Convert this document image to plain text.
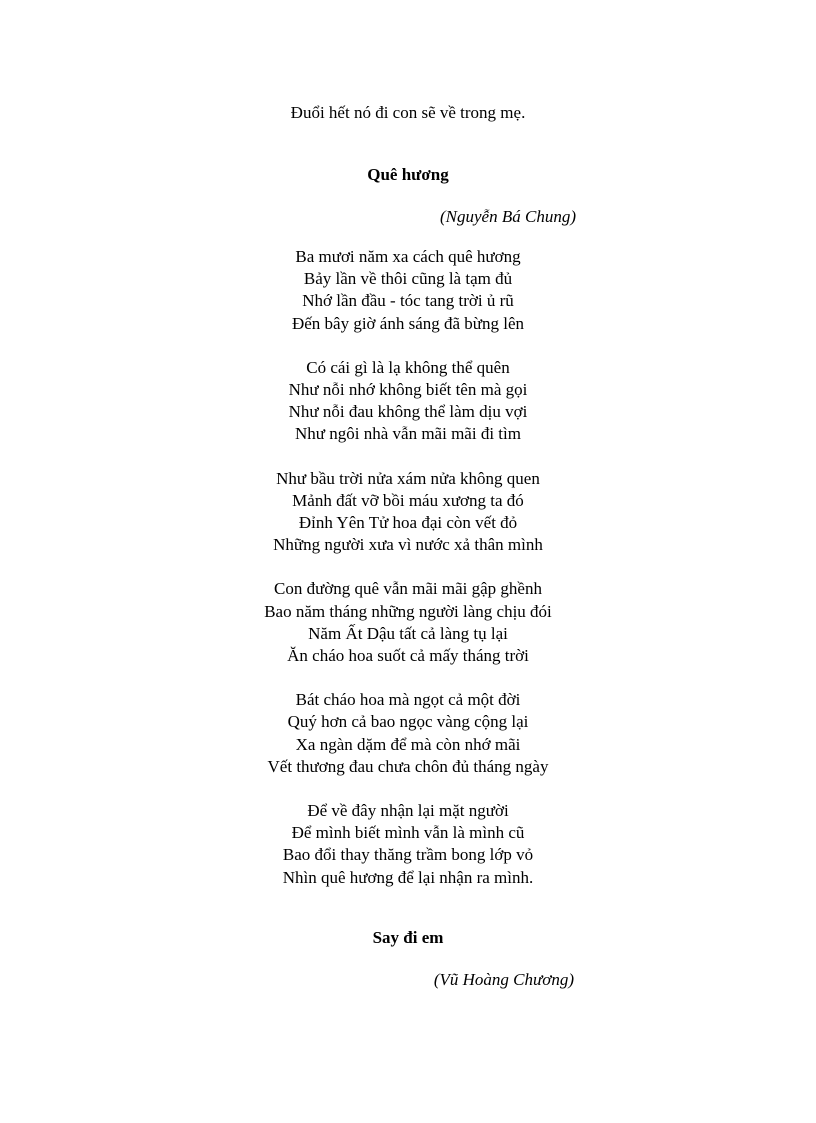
Đuổi hết nó đi con sẽ về trong mẹ.
Quê hương
(Nguyễn Bá Chung)
Ba mươi năm xa cách quê hương
Bảy lần về thôi cũng là tạm đủ
Nhớ lần đầu - tóc tang trời ủ rũ
Đến bây giờ ánh sáng đã bừng lên
Có cái gì là lạ không thể quên
Như nỗi nhớ không biết tên mà gọi
Như nỗi đau không thể làm dịu vợi
Như ngôi nhà vẫn mãi mãi đi tìm
Như bầu trời nửa xám nửa không quen
Mảnh đất vỡ bồi máu xương ta đó
Đỉnh Yên Tử hoa đại còn vết đỏ
Những người xưa vì nước xả thân mình
Con đường quê vẫn mãi mãi gập ghềnh
Bao năm tháng những người làng chịu đói
Năm Ất Dậu tất cả làng tụ lại
Ăn cháo hoa suốt cả mấy tháng trời
Bát cháo hoa mà ngọt cả một đời
Quý hơn cả bao ngọc vàng cộng lại
Xa ngàn dặm để mà còn nhớ mãi
Vết thương đau chưa chôn đủ tháng ngày
Để về đây nhận lại mặt người
Để mình biết mình vẫn là mình cũ
Bao đổi thay thăng trầm bong lớp vỏ
Nhìn quê hương để lại nhận ra mình.
Say đi em
(Vũ Hoàng Chương)
